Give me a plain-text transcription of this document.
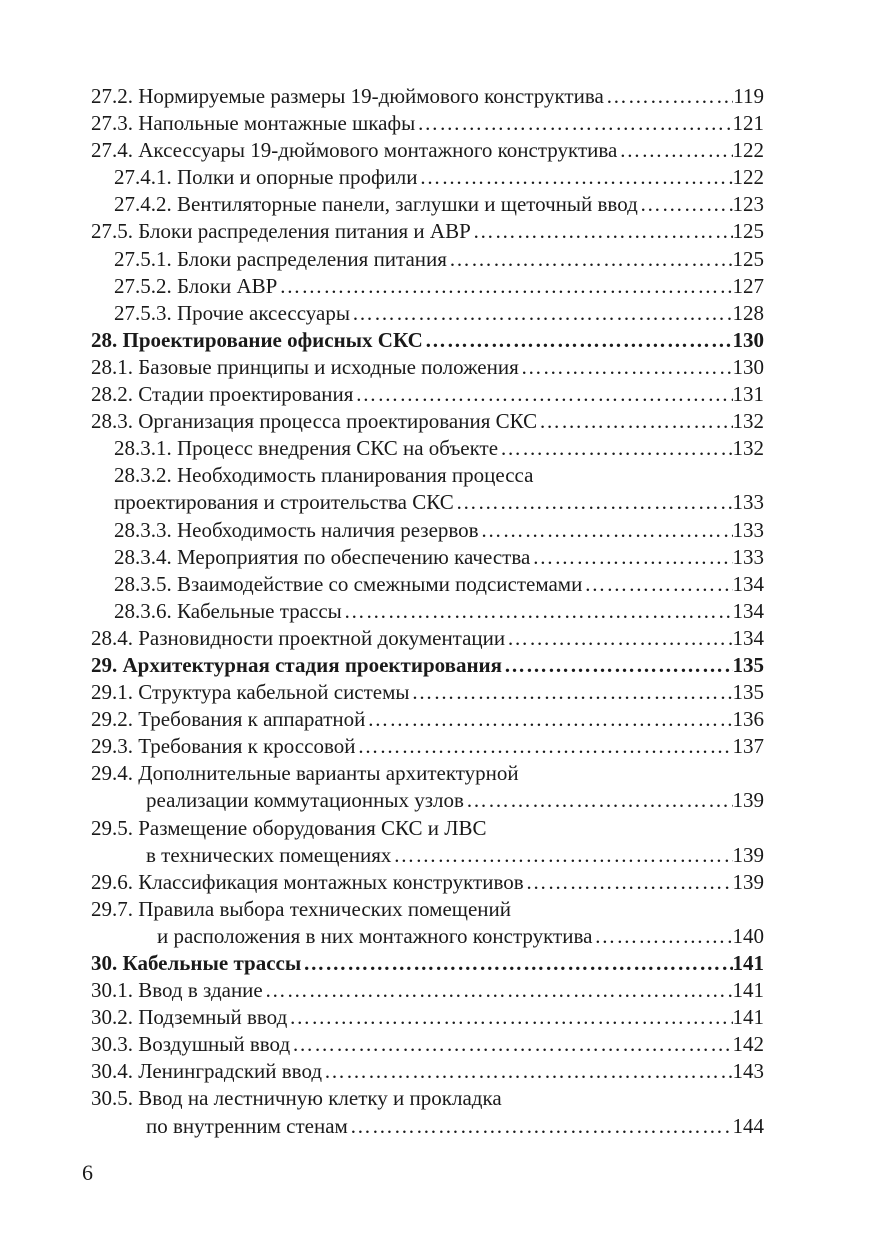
27.2. Нормируемые размеры 19-дюймового конструктива …………………………………………………………………………………………………………………………………………………………………	119
27.3. Напольные монтажные шкафы …………………………………………………………………………………………………………………………………………………………………	121
27.4. Аксессуары 19-дюймового монтажного конструктива …………………………………………………………………………………………………………………………………………………………………	122
27.4.1. Полки и опорные профили …………………………………………………………………………………………………………………………………………………………………	122
27.4.2. Вентиляторные панели, заглушки и щеточный ввод …………………………………………………………………………………………………………………………………………………………………	123
27.5. Блоки распределения питания и АВР …………………………………………………………………………………………………………………………………………………………………	125
27.5.1. Блоки распределения питания …………………………………………………………………………………………………………………………………………………………………	125
27.5.2. Блоки АВР …………………………………………………………………………………………………………………………………………………………………	127
27.5.3. Прочие аксессуары …………………………………………………………………………………………………………………………………………………………………	128
28. Проектирование офисных СКС …………………………………………………………………………………………………………………………………………………………………	130
28.1. Базовые принципы и исходные положения …………………………………………………………………………………………………………………………………………………………………	130
28.2. Стадии проектирования …………………………………………………………………………………………………………………………………………………………………	131
28.3. Организация процесса проектирования СКС …………………………………………………………………………………………………………………………………………………………………	132
28.3.1. Процесс внедрения СКС на объекте …………………………………………………………………………………………………………………………………………………………………	132
28.3.2. Необходимость планирования процесса
проектирования и строительства СКС …………………………………………………………………………………………………………………………………………………………………	133
28.3.3. Необходимость наличия резервов …………………………………………………………………………………………………………………………………………………………………	133
28.3.4. Мероприятия по обеспечению качества …………………………………………………………………………………………………………………………………………………………………	133
28.3.5. Взаимодействие со смежными подсистемами …………………………………………………………………………………………………………………………………………………………………	134
28.3.6. Кабельные трассы …………………………………………………………………………………………………………………………………………………………………	134
28.4. Разновидности проектной документации …………………………………………………………………………………………………………………………………………………………………	134
29. Архитектурная стадия проектирования …………………………………………………………………………………………………………………………………………………………………	135
29.1. Структура кабельной системы …………………………………………………………………………………………………………………………………………………………………	135
29.2. Требования к аппаратной …………………………………………………………………………………………………………………………………………………………………	136
29.3. Требования к кроссовой …………………………………………………………………………………………………………………………………………………………………	137
29.4. Дополнительные варианты архитектурной
реализации коммутационных узлов …………………………………………………………………………………………………………………………………………………………………	139
29.5. Размещение оборудования СКС и ЛВС
в технических помещениях …………………………………………………………………………………………………………………………………………………………………	139
29.6. Классификация монтажных конструктивов …………………………………………………………………………………………………………………………………………………………………	139
29.7. Правила выбора технических помещений
и расположения в них монтажного конструктива …………………………………………………………………………………………………………………………………………………………………	140
30. Кабельные трассы …………………………………………………………………………………………………………………………………………………………………	141
30.1. Ввод в здание …………………………………………………………………………………………………………………………………………………………………	141
30.2. Подземный ввод …………………………………………………………………………………………………………………………………………………………………	141
30.3. Воздушный ввод …………………………………………………………………………………………………………………………………………………………………	142
30.4. Ленинградский ввод …………………………………………………………………………………………………………………………………………………………………	143
30.5. Ввод на лестничную клетку и прокладка
по внутренним стенам …………………………………………………………………………………………………………………………………………………………………	144
6
